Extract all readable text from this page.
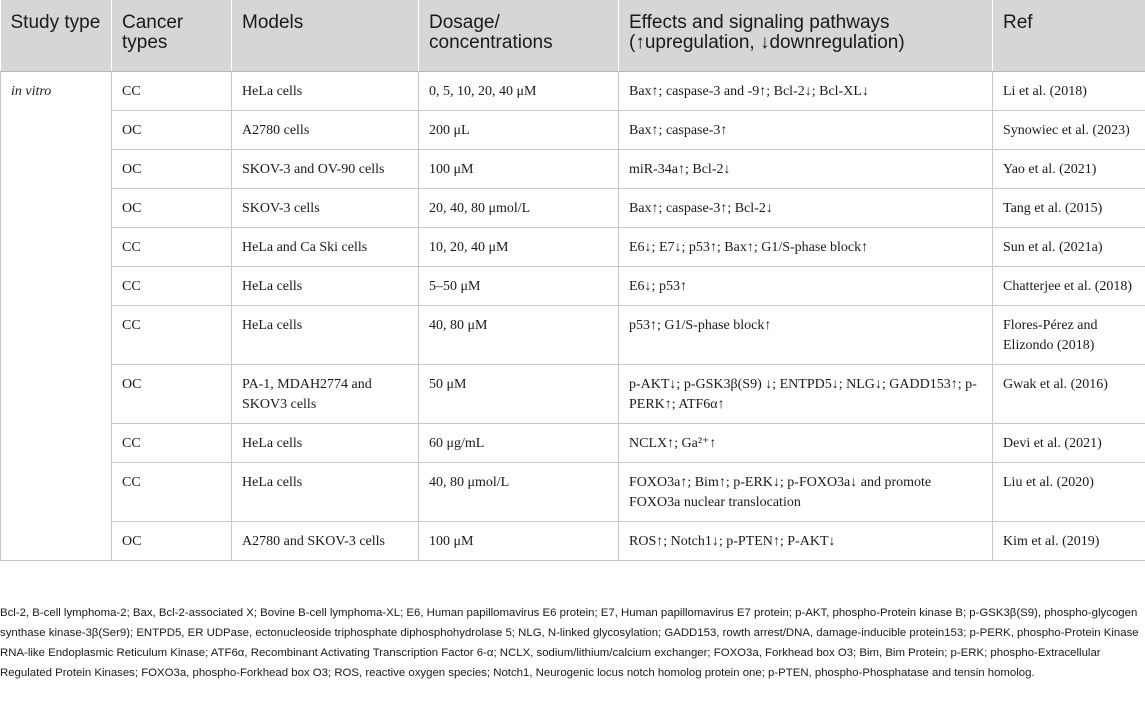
Study type	Cancer types	Models	Dosage/ concentrations	Effects and signaling pathways (↑upregulation, ↓downregulation)	Ref
in vitro	CC	HeLa cells	0, 5, 10, 20, 40 μM	Bax↑; caspase-3 and -9↑; Bcl-2↓; Bcl-XL↓	Li et al. (2018)
	OC	A2780 cells	200 μL	Bax↑; caspase-3↑	Synowiec et al. (2023)
	OC	SKOV-3 and OV-90 cells	100 μM	miR-34a↑; Bcl-2↓	Yao et al. (2021)
	OC	SKOV-3 cells	20, 40, 80 μmol/L	Bax↑; caspase-3↑; Bcl-2↓	Tang et al. (2015)
	CC	HeLa and Ca Ski cells	10, 20, 40 μM	E6↓; E7↓; p53↑; Bax↑; G1/S-phase block↑	Sun et al. (2021a)
	CC	HeLa cells	5–50 μM	E6↓; p53↑	Chatterjee et al. (2018)
	CC	HeLa cells	40, 80 μM	p53↑; G1/S-phase block↑	Flores-Pérez and Elizondo (2018)
	OC	PA-1, MDAH2774 and SKOV3 cells	50 μM	p-AKT↓; p-GSK3β(S9) ↓; ENTPD5↓; NLG↓; GADD153↑; p-PERK↑; ATF6α↑	Gwak et al. (2016)
	CC	HeLa cells	60 μg/mL	NCLX↑; Ga²⁺↑	Devi et al. (2021)
	CC	HeLa cells	40, 80 μmol/L	FOXO3a↑; Bim↑; p-ERK↓; p-FOXO3a↓ and promote FOXO3a nuclear translocation	Liu et al. (2020)
	OC	A2780 and SKOV-3 cells	100 μM	ROS↑; Notch1↓; p-PTEN↑; P-AKT↓	Kim et al. (2019)
Bcl-2, B-cell lymphoma-2; Bax, Bcl-2-associated X; Bovine B-cell lymphoma-XL; E6, Human papillomavirus E6 protein; E7, Human papillomavirus E7 protein; p-AKT, phospho-Protein kinase B; p-GSK3β(S9), phospho-glycogen synthase kinase-3β(Ser9); ENTPD5, ER UDPase, ectonucleoside triphosphate diphosphohydrolase 5; NLG, N-linked glycosylation; GADD153, rowth arrest/DNA, damage-inducible protein153; p-PERK, phospho-Protein Kinase RNA-like Endoplasmic Reticulum Kinase; ATF6α, Recombinant Activating Transcription Factor 6-α; NCLX, sodium/lithium/calcium exchanger; FOXO3a, Forkhead box O3; Bim, Bim Protein; p-ERK; phospho-Extracellular Regulated Protein Kinases; FOXO3a, phospho-Forkhead box O3; ROS, reactive oxygen species; Notch1, Neurogenic locus notch homolog protein one; p-PTEN, phospho-Phosphatase and tensin homolog.
